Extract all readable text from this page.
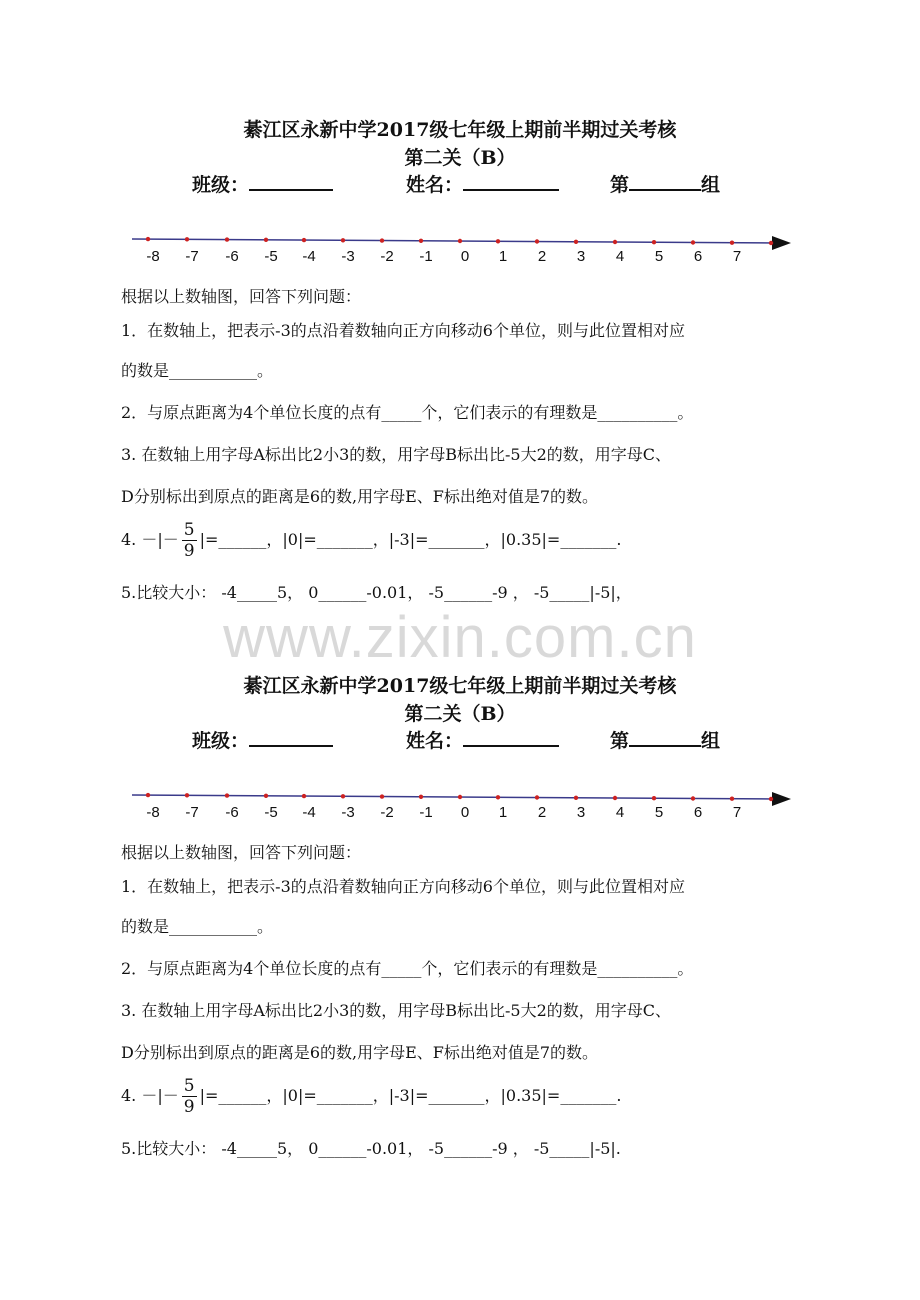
綦江区永新中学2017级七年级上期前半期过关考核
第二关（B）
班级：	姓名：	第	组
-8 -7 -6 -5 -4 -3 -2 -1 0 1 2 3 4 5 6 7
根据以上数轴图，回答下列问题：
1．在数轴上，把表示-3的点沿着数轴向正方向移动6个单位，则与此位置相对应
的数是___________。
2．与原点距离为4个单位长度的点有_____个，它们表示的有理数是__________。
3. 在数轴上用字母A标出比2小3的数，用字母B标出比-5大2的数，用字母C、
D分别标出到原点的距离是6的数,用字母E、F标出绝对值是7的数。
4. －|－ $\frac{5}{9}$ |=______，|0|=_______，|-3|=_______，|0.35|=_______.
5.比较大小： -4_____5， 0______-0.01， -5______-9 ， -5_____|-5|，
www.zixin.com.cn
綦江区永新中学2017级七年级上期前半期过关考核
第二关（B）
班级：	姓名：	第	组
-8 -7 -6 -5 -4 -3 -2 -1 0 1 2 3 4 5 6 7
根据以上数轴图，回答下列问题：
1．在数轴上，把表示-3的点沿着数轴向正方向移动6个单位，则与此位置相对应
的数是___________。
2．与原点距离为4个单位长度的点有_____个，它们表示的有理数是__________。
3. 在数轴上用字母A标出比2小3的数，用字母B标出比-5大2的数，用字母C、
D分别标出到原点的距离是6的数,用字母E、F标出绝对值是7的数。
4. －|－ $\frac{5}{9}$ |=______，|0|=_______，|-3|=_______，|0.35|=_______.
5.比较大小： -4_____5， 0______-0.01， -5______-9 ， -5_____|-5|.
